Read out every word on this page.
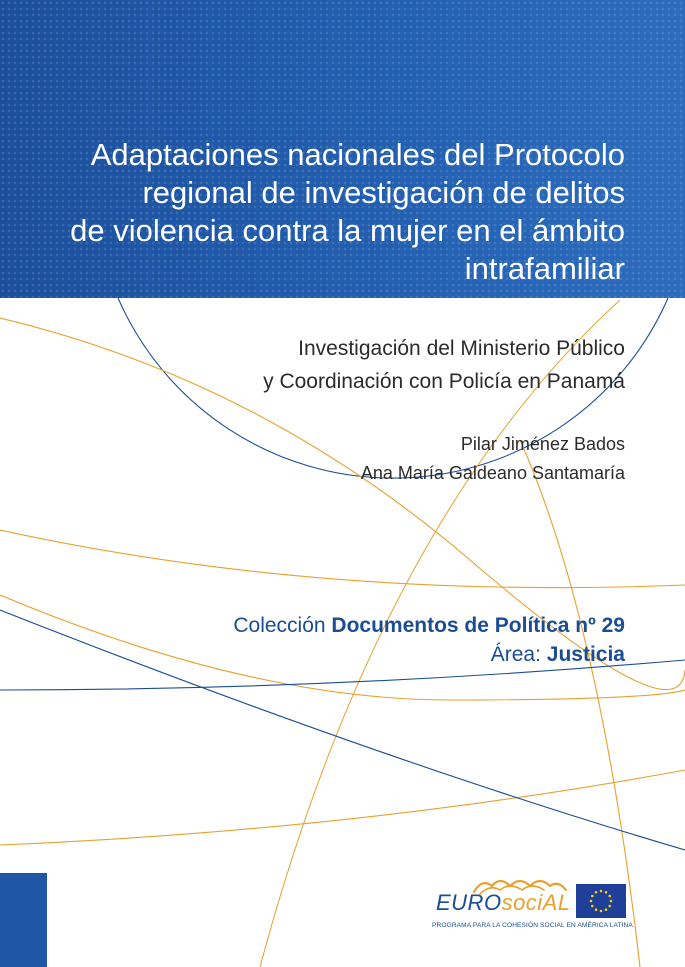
Adaptaciones nacionales del Protocolo
regional de investigación de delitos
de violencia contra la mujer en el ámbito
intrafamiliar
Investigación del Ministerio Público
y Coordinación con Policía en Panamá
Pilar Jiménez Bados
Ana María Galdeano Santamaría
Colección Documentos de Política nº 29
Área: Justicia
EUROsociAL
PROGRAMA PARA LA COHESIÓN SOCIAL EN AMÉRICA LATINA
